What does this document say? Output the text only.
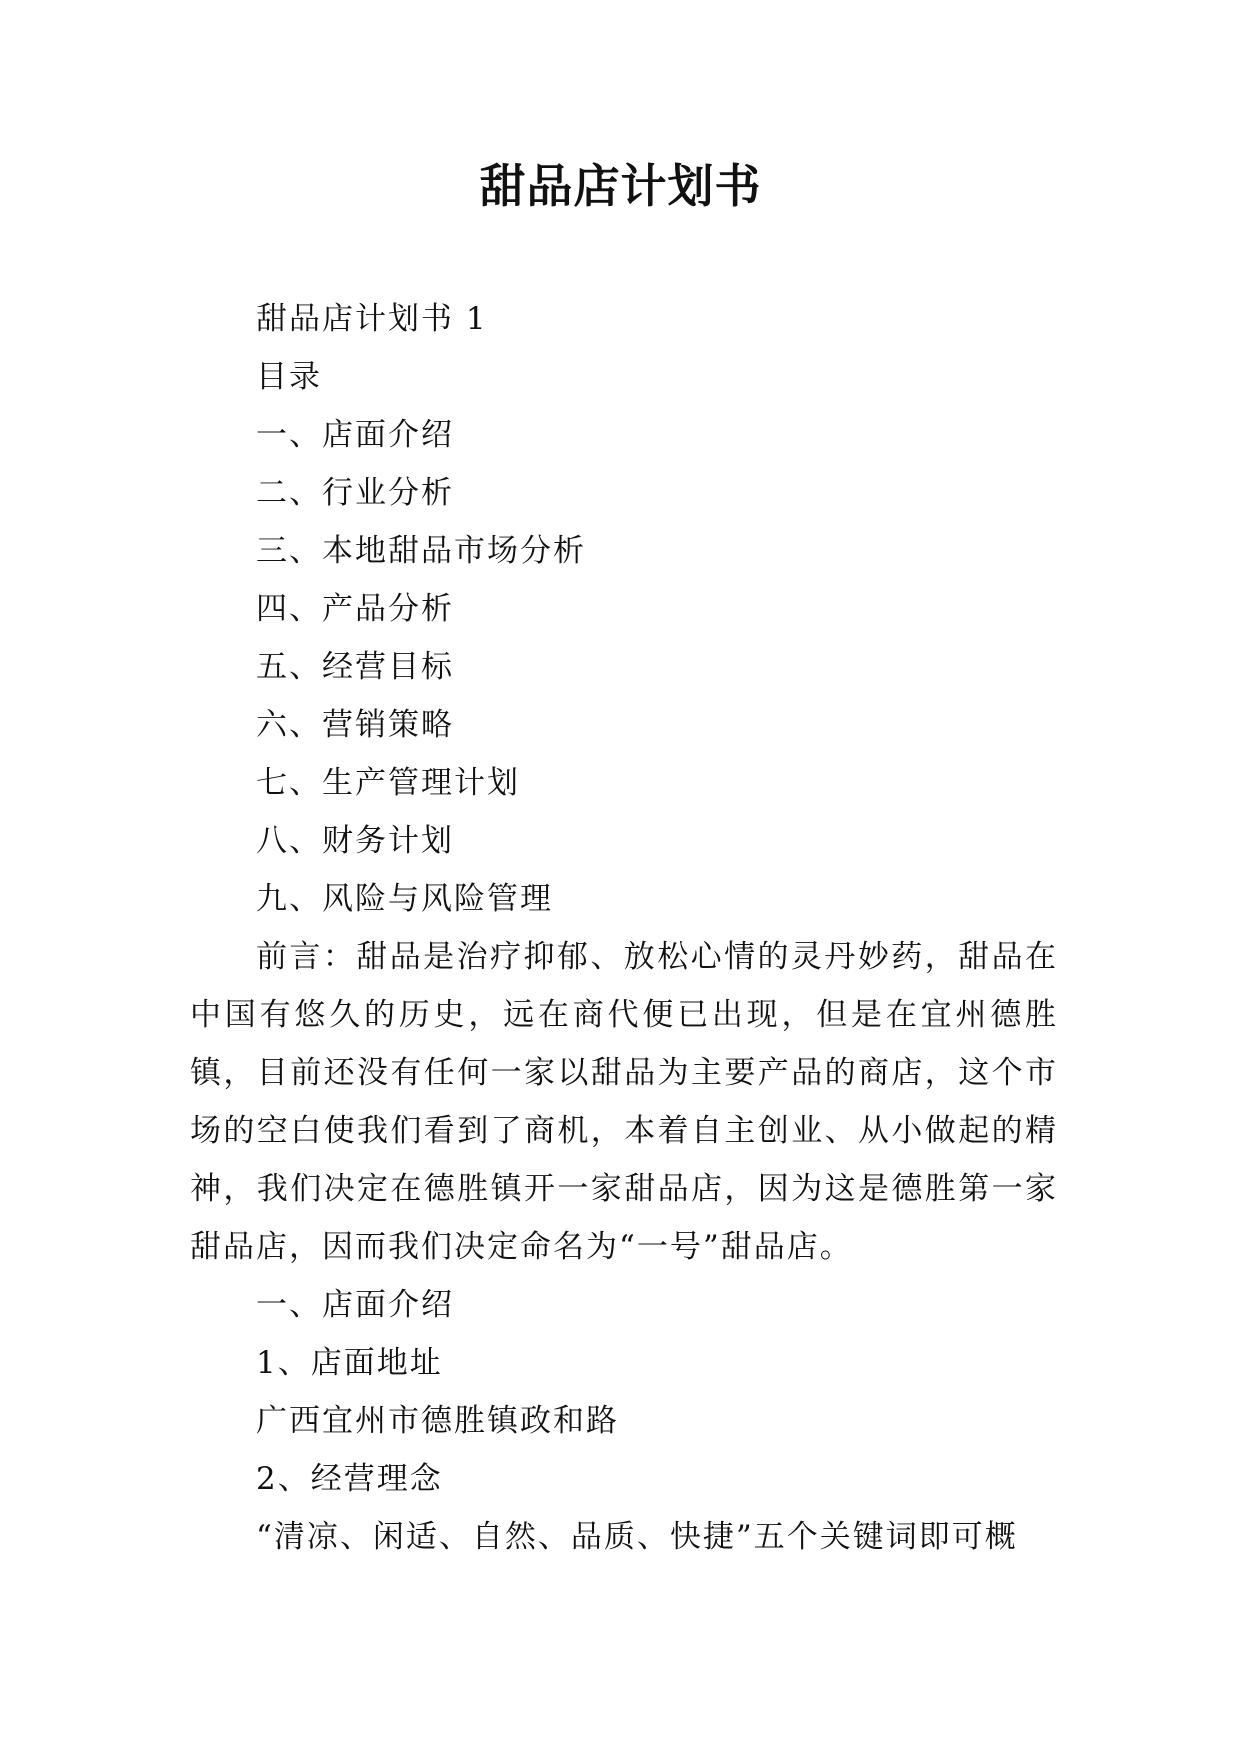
甜品店计划书

甜品店计划书 1

目录

一、店面介绍

二、行业分析

三、本地甜品市场分析

四、产品分析

五、经营目标

六、营销策略

七、生产管理计划

八、财务计划

九、风险与风险管理

前言：甜品是治疗抑郁、放松心情的灵丹妙药，甜品在中国有悠久的历史，远在商代便已出现，但是在宜州德胜镇，目前还没有任何一家以甜品为主要产品的商店，这个市场的空白使我们看到了商机，本着自主创业、从小做起的精神，我们决定在德胜镇开一家甜品店，因为这是德胜第一家甜品店，因而我们决定命名为“一号”甜品店。

一、店面介绍

1、店面地址

广西宜州市德胜镇政和路

2、经营理念

“清凉、闲适、自然、品质、快捷”五个关键词即可概
